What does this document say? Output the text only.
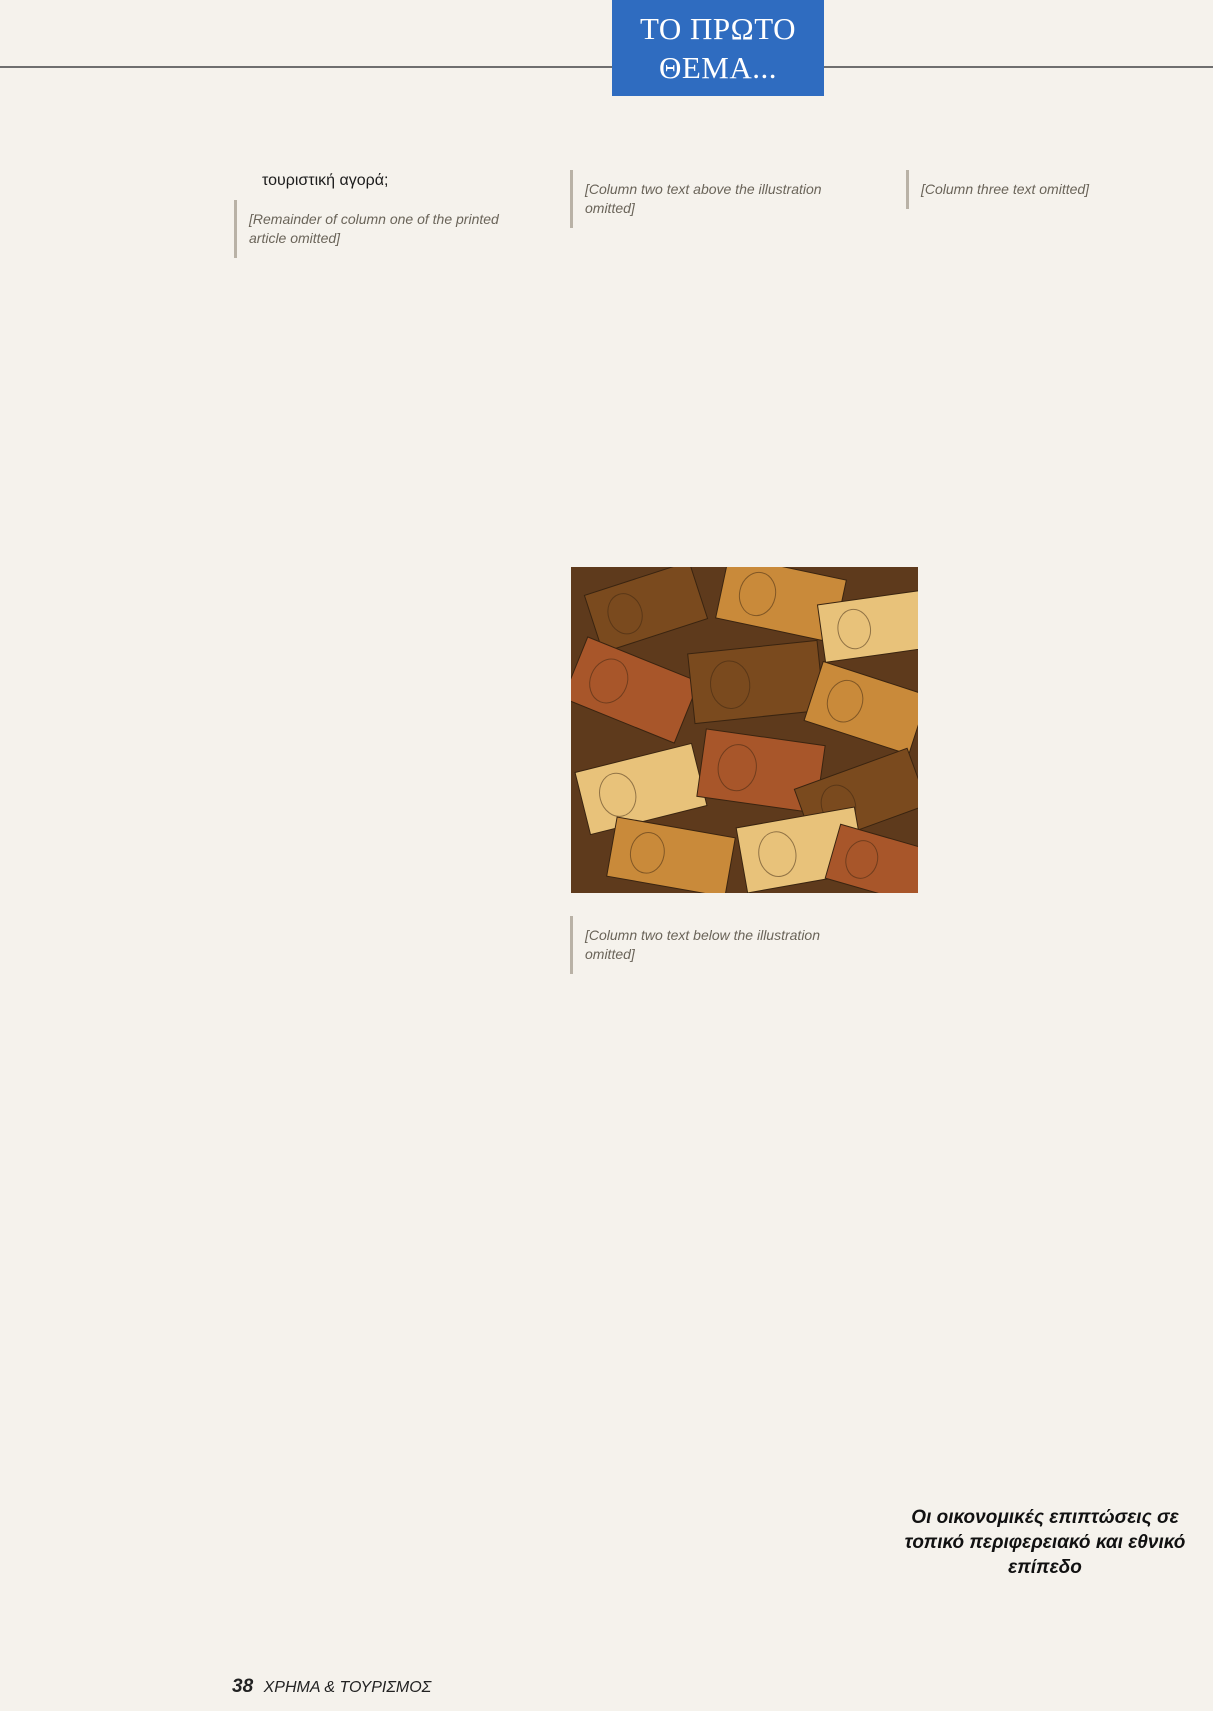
ΤΟ ΠΡΩΤΟ
ΘΕΜΑ...

τουριστική αγορά;

[Remainder of column one of the printed article omitted]

[Column two text above the illustration omitted]

[Column two text below the illustration omitted]

[Column three text omitted]

Οι οικονομικές επιπτώσεις σε τοπικό περιφερειακό και εθνικό επίπεδο
38 ΧΡΗΜΑ & ΤΟΥΡΙΣΜΟΣ
